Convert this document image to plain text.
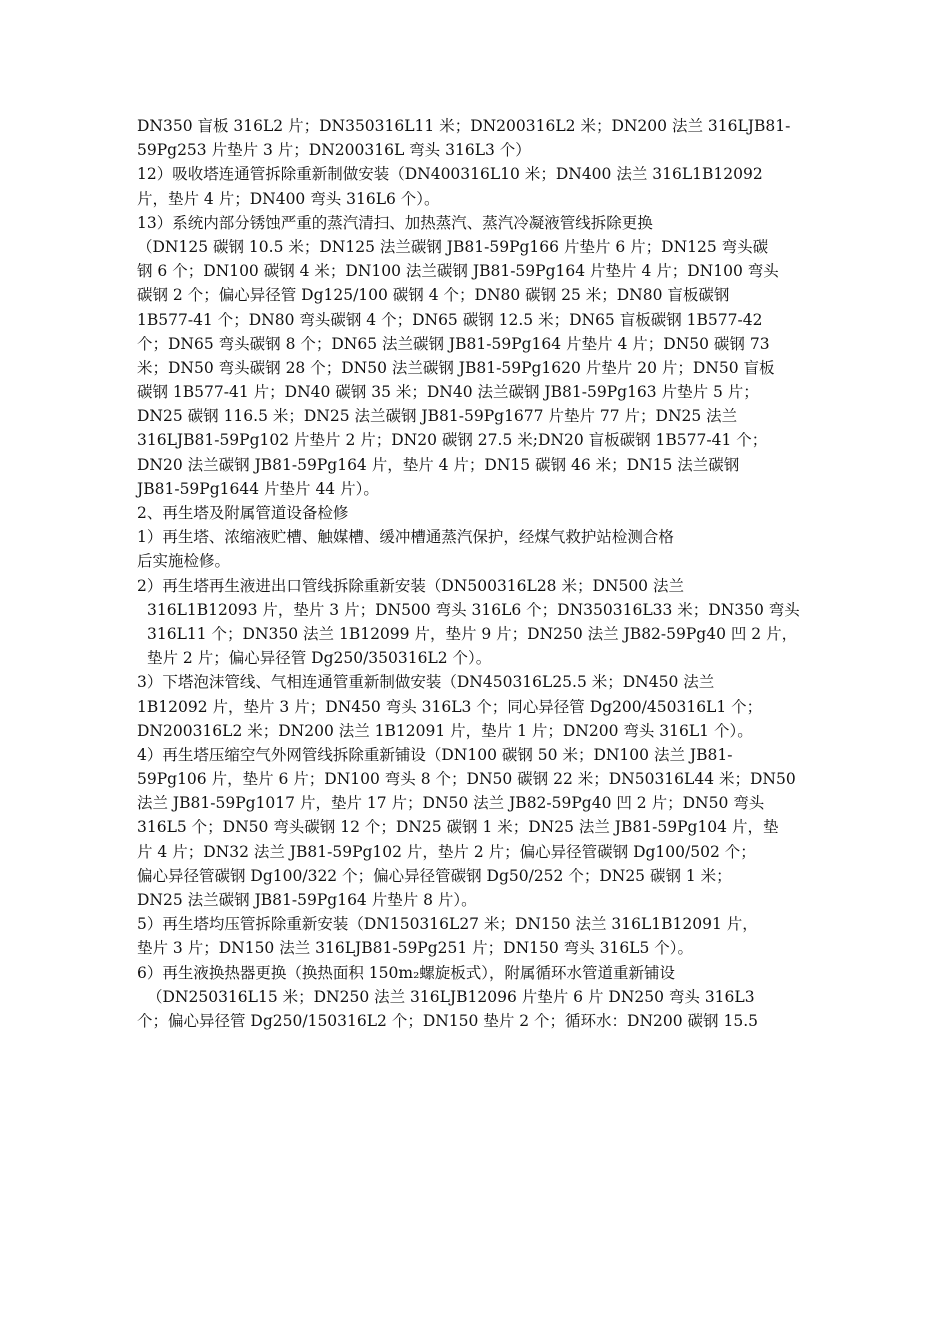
DN350 盲板 316L2 片；DN350316L11 米；DN200316L2 米；DN200 法兰 316LJB81-
59Pg253 片垫片 3 片；DN200316L 弯头 316L3 个）
12）吸收塔连通管拆除重新制做安装（DN400316L10 米；DN400 法兰 316L1B12092
片，垫片 4 片；DN400 弯头 316L6 个）。
13）系统内部分锈蚀严重的蒸汽清扫、加热蒸汽、蒸汽冷凝液管线拆除更换
（DN125 碳钢 10.5 米；DN125 法兰碳钢 JB81-59Pg166 片垫片 6 片；DN125 弯头碳
钢 6 个；DN100 碳钢 4 米；DN100 法兰碳钢 JB81-59Pg164 片垫片 4 片；DN100 弯头
碳钢 2 个；偏心异径管 Dg125/100 碳钢 4 个；DN80 碳钢 25 米；DN80 盲板碳钢
1B577-41 个；DN80 弯头碳钢 4 个；DN65 碳钢 12.5 米；DN65 盲板碳钢 1B577-42
个；DN65 弯头碳钢 8 个；DN65 法兰碳钢 JB81-59Pg164 片垫片 4 片；DN50 碳钢 73
米；DN50 弯头碳钢 28 个；DN50 法兰碳钢 JB81-59Pg1620 片垫片 20 片；DN50 盲板
碳钢 1B577-41 片；DN40 碳钢 35 米；DN40 法兰碳钢 JB81-59Pg163 片垫片 5 片；
DN25 碳钢 116.5 米；DN25 法兰碳钢 JB81-59Pg1677 片垫片 77 片；DN25 法兰
316LJB81-59Pg102 片垫片 2 片；DN20 碳钢 27.5 米;DN20 盲板碳钢 1B577-41 个；
DN20 法兰碳钢 JB81-59Pg164 片，垫片 4 片；DN15 碳钢 46 米；DN15 法兰碳钢
JB81-59Pg1644 片垫片 44 片）。
2、再生塔及附属管道设备检修
1）再生塔、浓缩液贮槽、触媒槽、缓冲槽通蒸汽保护，经煤气救护站检测合格
后实施检修。
2）再生塔再生液进出口管线拆除重新安装（DN500316L28 米；DN500 法兰
316L1B12093 片，垫片 3 片；DN500 弯头 316L6 个；DN350316L33 米；DN350 弯头
316L11 个；DN350 法兰 1B12099 片，垫片 9 片；DN250 法兰 JB82-59Pg40 凹 2 片，
垫片 2 片；偏心异径管 Dg250/350316L2 个）。
3）下塔泡沫管线、气相连通管重新制做安装（DN450316L25.5 米；DN450 法兰
1B12092 片，垫片 3 片；DN450 弯头 316L3 个；同心异径管 Dg200/450316L1 个；
DN200316L2 米；DN200 法兰 1B12091 片，垫片 1 片；DN200 弯头 316L1 个）。
4）再生塔压缩空气外网管线拆除重新铺设（DN100 碳钢 50 米；DN100 法兰 JB81-
59Pg106 片，垫片 6 片；DN100 弯头 8 个；DN50 碳钢 22 米；DN50316L44 米；DN50
法兰 JB81-59Pg1017 片，垫片 17 片；DN50 法兰 JB82-59Pg40 凹 2 片；DN50 弯头
316L5 个；DN50 弯头碳钢 12 个；DN25 碳钢 1 米；DN25 法兰 JB81-59Pg104 片，垫
片 4 片；DN32 法兰 JB81-59Pg102 片，垫片 2 片；偏心异径管碳钢 Dg100/502 个；
偏心异径管碳钢 Dg100/322 个；偏心异径管碳钢 Dg50/252 个；DN25 碳钢 1 米；
DN25 法兰碳钢 JB81-59Pg164 片垫片 8 片）。
5）再生塔均压管拆除重新安装（DN150316L27 米；DN150 法兰 316L1B12091 片，
垫片 3 片；DN150 法兰 316LJB81-59Pg251 片；DN150 弯头 316L5 个）。
6）再生液换热器更换（换热面积 150m₂螺旋板式），附属循环水管道重新铺设
（DN250316L15 米；DN250 法兰 316LJB12096 片垫片 6 片 DN250 弯头 316L3
个；偏心异径管 Dg250/150316L2 个；DN150 垫片 2 个；循环水：DN200 碳钢 15.5
